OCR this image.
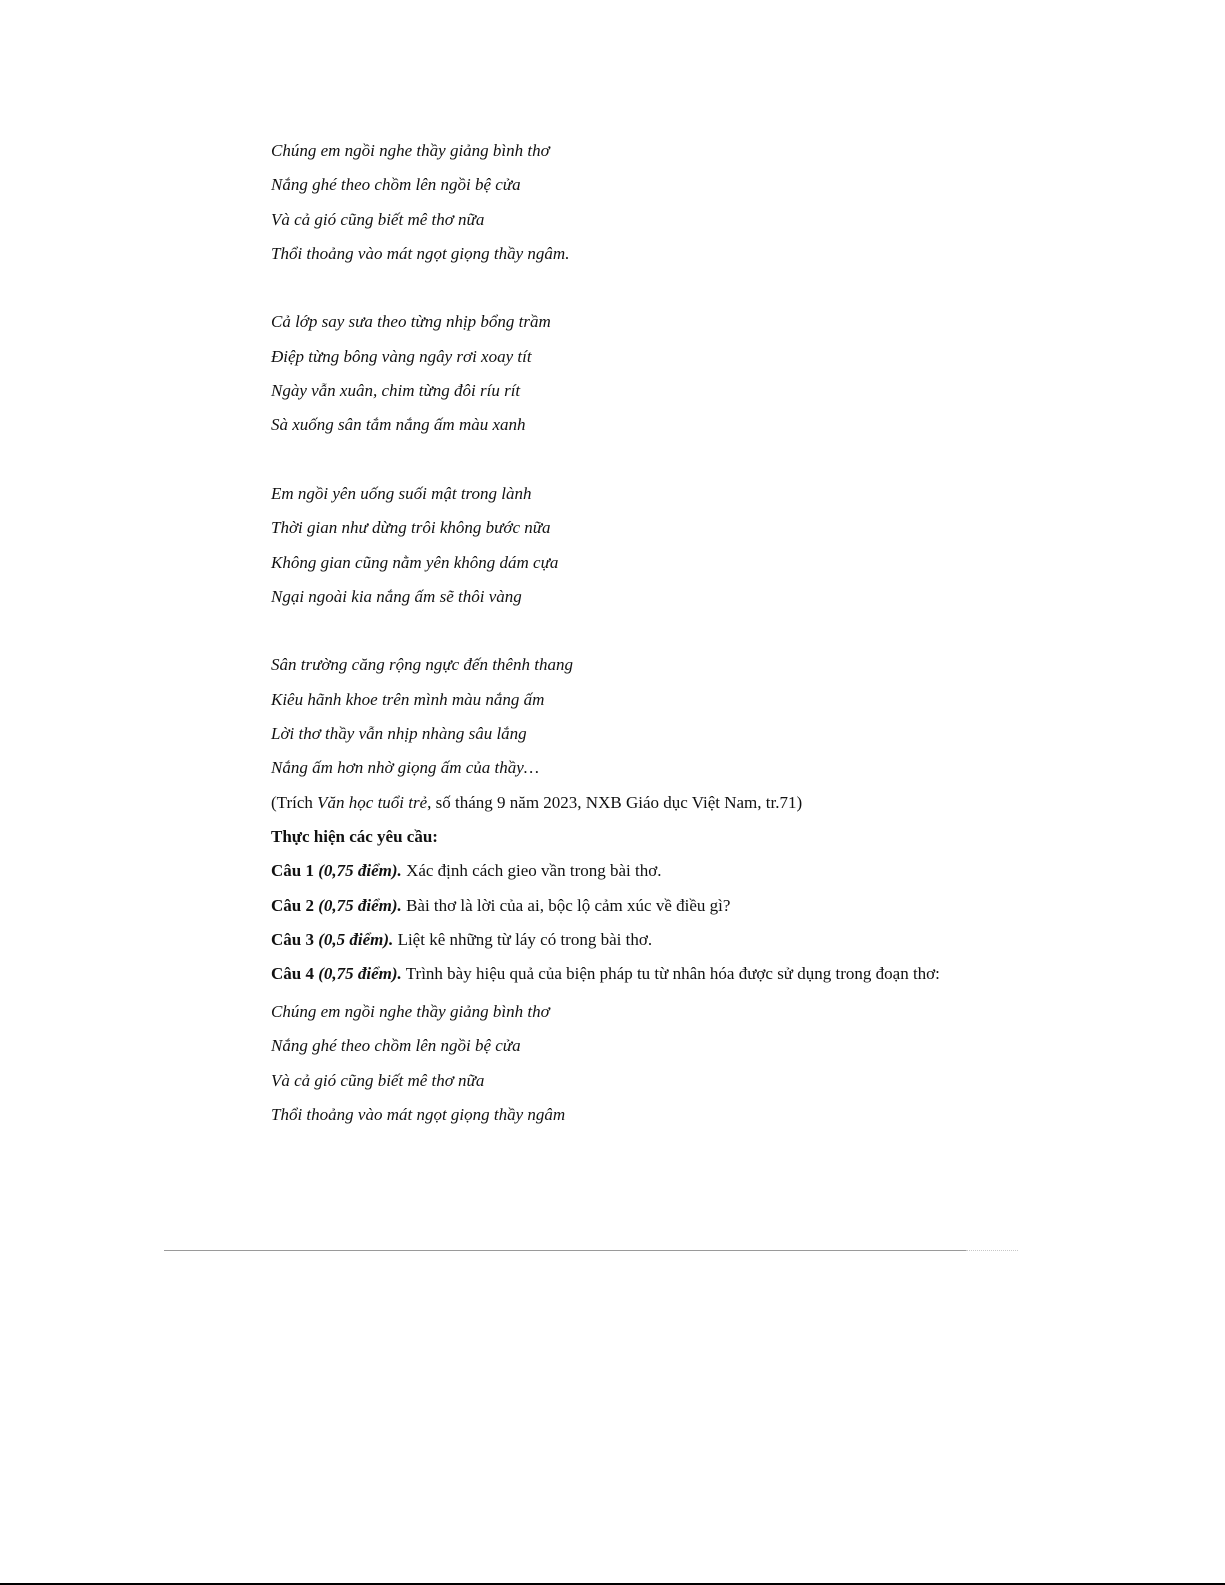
Chúng em ngồi nghe thầy giảng bình thơ
Nắng ghé theo chồm lên ngồi bệ cửa
Và cả gió cũng biết mê thơ nữa
Thổi thoảng vào mát ngọt giọng thầy ngâm.
Cả lớp say sưa theo từng nhịp bổng trầm
Điệp từng bông vàng ngây rơi xoay tít
Ngày vẫn xuân, chim từng đôi ríu rít
Sà xuống sân tắm nắng ấm màu xanh
Em ngồi yên uống suối mật trong lành
Thời gian như dừng trôi không bước nữa
Không gian cũng nằm yên không dám cựa
Ngại ngoài kia nắng ấm sẽ thôi vàng
Sân trường căng rộng ngực đến thênh thang
Kiêu hãnh khoe trên mình màu nắng ấm
Lời thơ thầy vẫn nhịp nhàng sâu lắng
Nắng ấm hơn nhờ giọng ấm của thầy…
(Trích Văn học tuổi trẻ, số tháng 9 năm 2023, NXB Giáo dục Việt Nam, tr.71)
Thực hiện các yêu cầu:
Câu 1 (0,75 điểm). Xác định cách gieo vần trong bài thơ.
Câu 2 (0,75 điểm). Bài thơ là lời của ai, bộc lộ cảm xúc về điều gì?
Câu 3 (0,5 điểm). Liệt kê những từ láy có trong bài thơ.
Câu 4 (0,75 điểm). Trình bày hiệu quả của biện pháp tu từ nhân hóa được sử dụng trong đoạn thơ:
Chúng em ngồi nghe thầy giảng bình thơ
Nắng ghé theo chồm lên ngồi bệ cửa
Và cả gió cũng biết mê thơ nữa
Thổi thoảng vào mát ngọt giọng thầy ngâm
